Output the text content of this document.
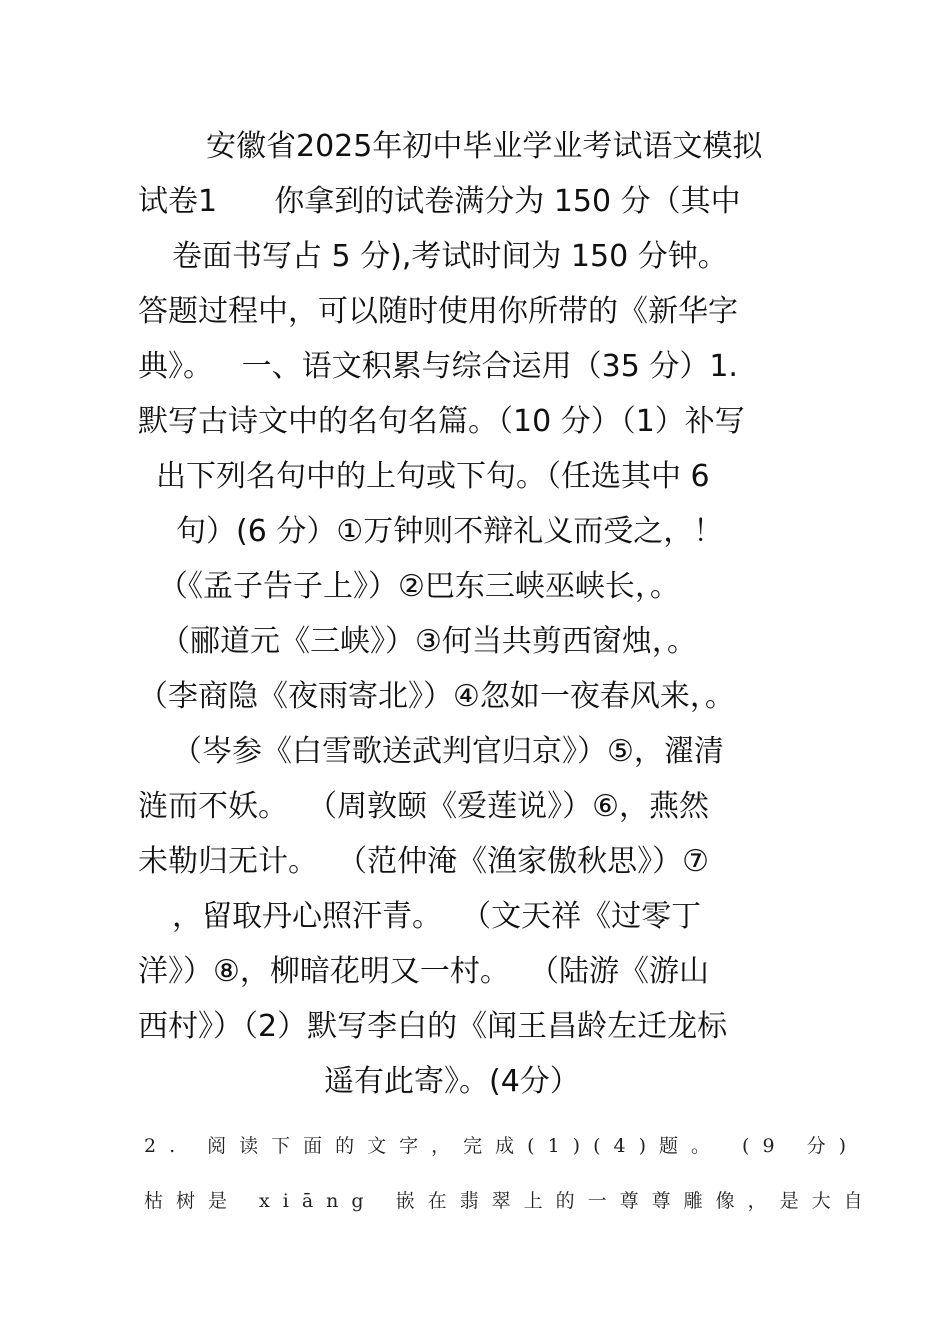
安徽省2025年初中毕业学业考试语文模拟
试卷1      你拿到的试卷满分为 150 分（其中
卷面书写占 5 分),考试时间为 150 分钟。
答题过程中，可以随时使用你所带的《新华字
典》。   一、语文积累与综合运用（35 分）1.
默写古诗文中的名句名篇。（10 分）（1）补写
出下列名句中的上句或下句。（任选其中 6
句）(6 分）①万钟则不辩礼义而受之，！
（《孟子告子上》）②巴东三峡巫峡长，。
（郦道元《三峡》）③何当共剪西窗烛，。
（李商隐《夜雨寄北》）④忽如一夜春风来，。
（岑参《白雪歌送武判官归京》）⑤，濯清
涟而不妖。  （周敦颐《爱莲说》）⑥，燕然
未勒归无计。  （范仲淹《渔家傲秋思》）⑦
，留取丹心照汗青。  （文天祥《过零丁
洋》）⑧，柳暗花明又一村。  （陆游《游山
西村》）（2）默写李白的《闻王昌龄左迁龙标
遥有此寄》。(4分）
2. 阅读下面的文字，完成(1)(4)题。 (9 分)
枯树是 xiāng 嵌在翡翠上的一尊尊雕像，是大自
